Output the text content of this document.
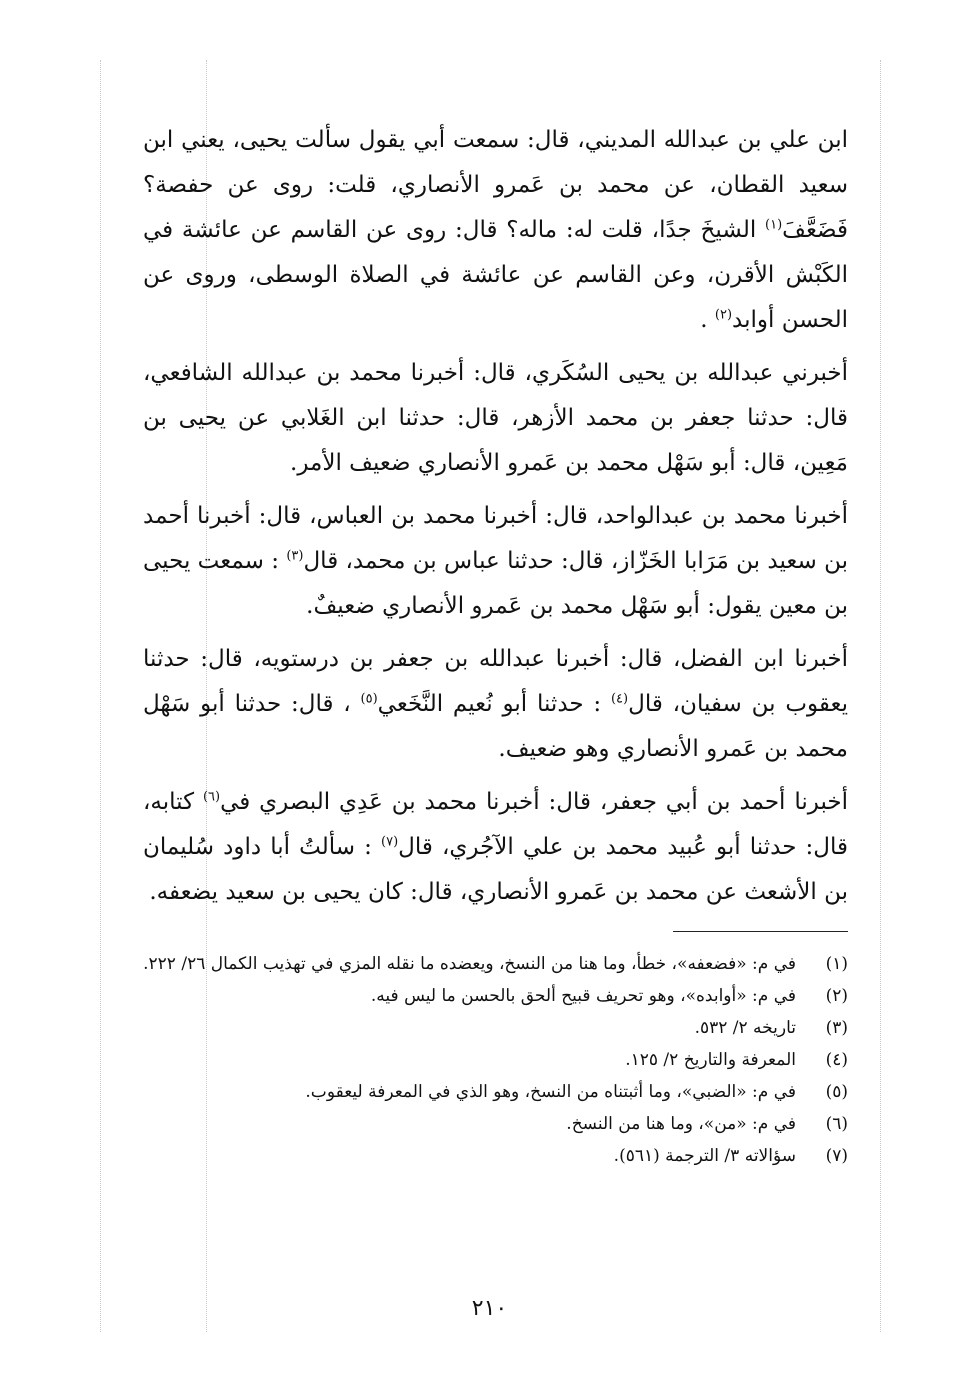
ابن علي بن عبدالله المديني، قال: سمعت أبي يقول سألت يحيى، يعني ابن سعيد القطان، عن محمد بن عَمرو الأنصاري، قلت: روى عن حفصة؟ فَضَعَّفَ$^{(١)}$ الشيخَ جدًا، قلت له: ماله؟ قال: روى عن القاسم عن عائشة في الكَبْش الأقرن، وعن القاسم عن عائشة في الصلاة الوسطى، وروى عن الحسن أوابد$^{(٢)}$ .

أخبرني عبدالله بن يحيى السُكَري، قال: أخبرنا محمد بن عبدالله الشافعي، قال: حدثنا جعفر بن محمد الأزهر، قال: حدثنا ابن الغَلابي عن يحيى بن مَعِين، قال: أبو سَهْل محمد بن عَمرو الأنصاري ضعيف الأمر.

أخبرنا محمد بن عبدالواحد، قال: أخبرنا محمد بن العباس، قال: أخبرنا أحمد بن سعيد بن مَرَابا الخَزّاز، قال: حدثنا عباس بن محمد، قال$^{(٣)}$ : سمعت يحيى بن معين يقول: أبو سَهْل محمد بن عَمرو الأنصاري ضعيفٌ.

أخبرنا ابن الفضل، قال: أخبرنا عبدالله بن جعفر بن درستويه، قال: حدثنا يعقوب بن سفيان، قال$^{(٤)}$ : حدثنا أبو نُعيم النَّخَعي$^{(٥)}$ ، قال: حدثنا أبو سَهْل محمد بن عَمرو الأنصاري وهو ضعيف.

أخبرنا أحمد بن أبي جعفر، قال: أخبرنا محمد بن عَدِي البصري في$^{(٦)}$ كتابه، قال: حدثنا أبو عُبيد محمد بن علي الآجُري، قال$^{(٧)}$ : سألتُ أبا داود سُليمان بن الأشعث عن محمد بن عَمرو الأنصاري، قال: كان يحيى بن سعيد يضعفه.

(١)
في م: «فضعفه»، خطأ، وما هنا من النسخ، ويعضده ما نقله المزي في تهذيب الكمال ٢٦/ ٢٢٢.
(٢)
في م: «أوابده»، وهو تحريف قبيح ألحق بالحسن ما ليس فيه.
(٣)
تاريخه ٢/ ٥٣٢.
(٤)
المعرفة والتاريخ ٢/ ١٢٥.
(٥)
في م: «الضبي»، وما أثبتناه من النسخ، وهو الذي في المعرفة ليعقوب.
(٦)
في م: «من»، وما هنا من النسخ.
(٧)
سؤالاته ٣/ الترجمة (٥٦١).
٢١٠
